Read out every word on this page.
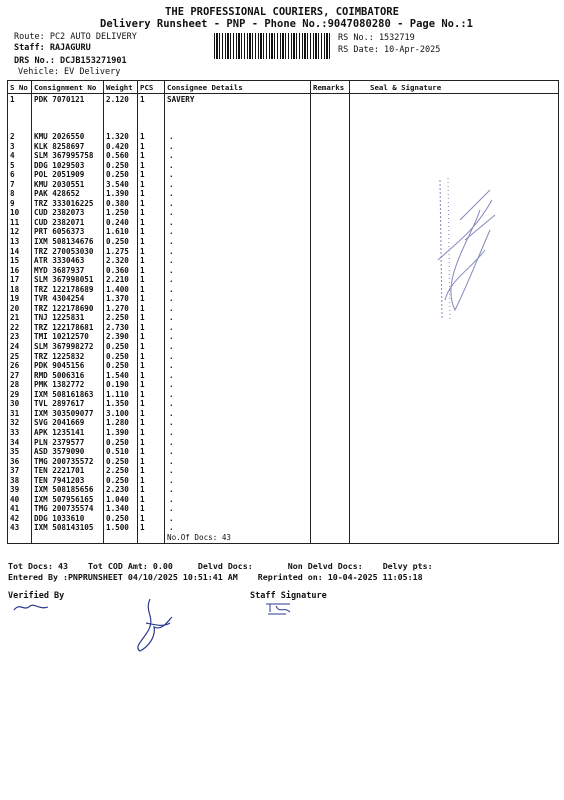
THE PROFESSIONAL COURIERS, COIMBATORE
Delivery Runsheet - PNP - Phone No.:9047080280 - Page No.:1
Route: PC2 AUTO DELIVERY
Staff: RAJAGURU
DRS No.: DCJB153271901
Vehicle: EV Delivery
RS No.: 1532719
RS Date: 10-Apr-2025
S No	Consignment No	Weight	PCS	Consignee Details	Remarks	Seal & Signature
1	PDK 7070121	2.120	1	SAVERY		
2	KMU 2026550	1.320	1	.		
3	KLK 8258697	0.420	1	.		
4	SLM 367995758	0.560	1	.		
5	DDG 1029503	0.250	1	.		
6	POL 2051909	0.250	1	.		
7	KMU 2030551	3.540	1	.		
8	PAK 428652	1.390	1	.		
9	TRZ 333016225	0.380	1	.		
10	CUD 2382073	1.250	1	.		
11	CUD 2382071	0.240	1	.		
12	PRT 6056373	1.610	1	.		
13	IXM 508134676	0.250	1	.		
14	TRZ 270053030	1.275	1	.		
15	ATR 3330463	2.320	1	.		
16	MYD 3687937	0.360	1	.		
17	SLM 367998051	2.210	1	.		
18	TRZ 122178689	1.400	1	.		
19	TVR 4304254	1.370	1	.		
20	TRZ 122178690	1.270	1	.		
21	TNJ 1225831	2.250	1	.		
22	TRZ 122178681	2.730	1	.		
23	TMI 10212570	2.390	1	.		
24	SLM 367998272	0.250	1	.		
25	TRZ 1225832	0.250	1	.		
26	PDK 9045156	0.250	1	.		
27	RMD 5006316	1.540	1	.		
28	PMK 1382772	0.190	1	.		
29	IXM 508161863	1.110	1	.		
30	TVL 2897617	1.350	1	.		
31	IXM 303509077	3.100	1	.		
32	SVG 2041669	1.280	1	.		
33	APK 1235141	1.390	1	.		
34	PLN 2379577	0.250	1	.		
35	ASD 3579090	0.510	1	.		
36	TMG 200735572	0.250	1	.		
37	TEN 2221701	2.250	1	.		
38	TEN 7941203	0.250	1	.		
39	IXM 508185656	2.230	1	.		
40	IXM 507956165	1.040	1	.		
41	TMG 200735574	1.340	1	.		
42	DDG 1033610	0.250	1	.		
43	IXM 508143105	1.500	1	.		
				No.Of Docs: 43		
Tot Docs: 43 Tot COD Amt: 0.00	Delvd Docs:	Non Delvd Docs: Delvy pts:
Entered By :PNPRUNSHEET 04/10/2025 10:51:41 AM Reprinted on: 10-04-2025 11:05:18
Verified By	Staff Signature
